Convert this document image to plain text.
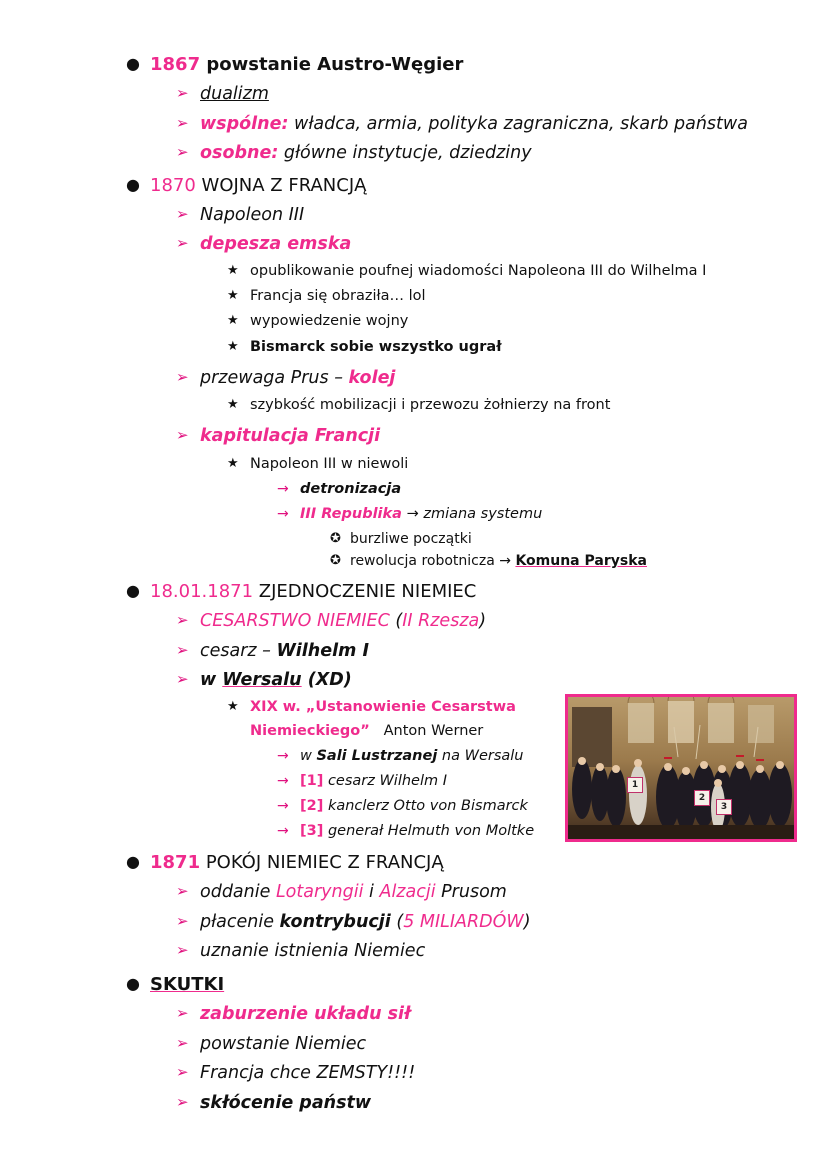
● 1867 powstanie Austro-Węgier
➢ dualizm
➢ wspólne: władca, armia, polityka zagraniczna, skarb państwa
➢ osobne: główne instytucje, dziedziny
● 1870 WOJNA Z FRANCJĄ
➢ Napoleon III
➢ depesza emska
★ opublikowanie poufnej wiadomości Napoleona III do Wilhelma I
★ Francja się obraziła… lol
★ wypowiedzenie wojny
★ Bismarck sobie wszystko ugrał
➢ przewaga Prus – kolej
★ szybkość mobilizacji i przewozu żołnierzy na front
➢ kapitulacja Francji
★ Napoleon III w niewoli
→ detronizacja
→ III Republika → zmiana systemu
✪ burzliwe początki
✪ rewolucja robotnicza → Komuna Paryska
● 18.01.1871 ZJEDNOCZENIE NIEMIEC
➢ CESARSTWO NIEMIEC (II Rzesza)
➢ cesarz – Wilhelm I
➢ w Wersalu (XD)
★ XIX w. „Ustanowienie Cesarstwa
Niemieckiego” Anton Werner
→ w Sali Lustrzanej na Wersalu
→ [1] cesarz Wilhelm I
→ [2] kanclerz Otto von Bismarck
→ [3] generał Helmuth von Moltke
1
2
3
● 1871 POKÓJ NIEMIEC Z FRANCJĄ
➢ oddanie Lotaryngii i Alzacji Prusom
➢ płacenie kontrybucji (5 MILIARDÓW)
➢ uznanie istnienia Niemiec
● SKUTKI
➢ zaburzenie układu sił
➢ powstanie Niemiec
➢ Francja chce ZEMSTY!!!!
➢ skłócenie państw
